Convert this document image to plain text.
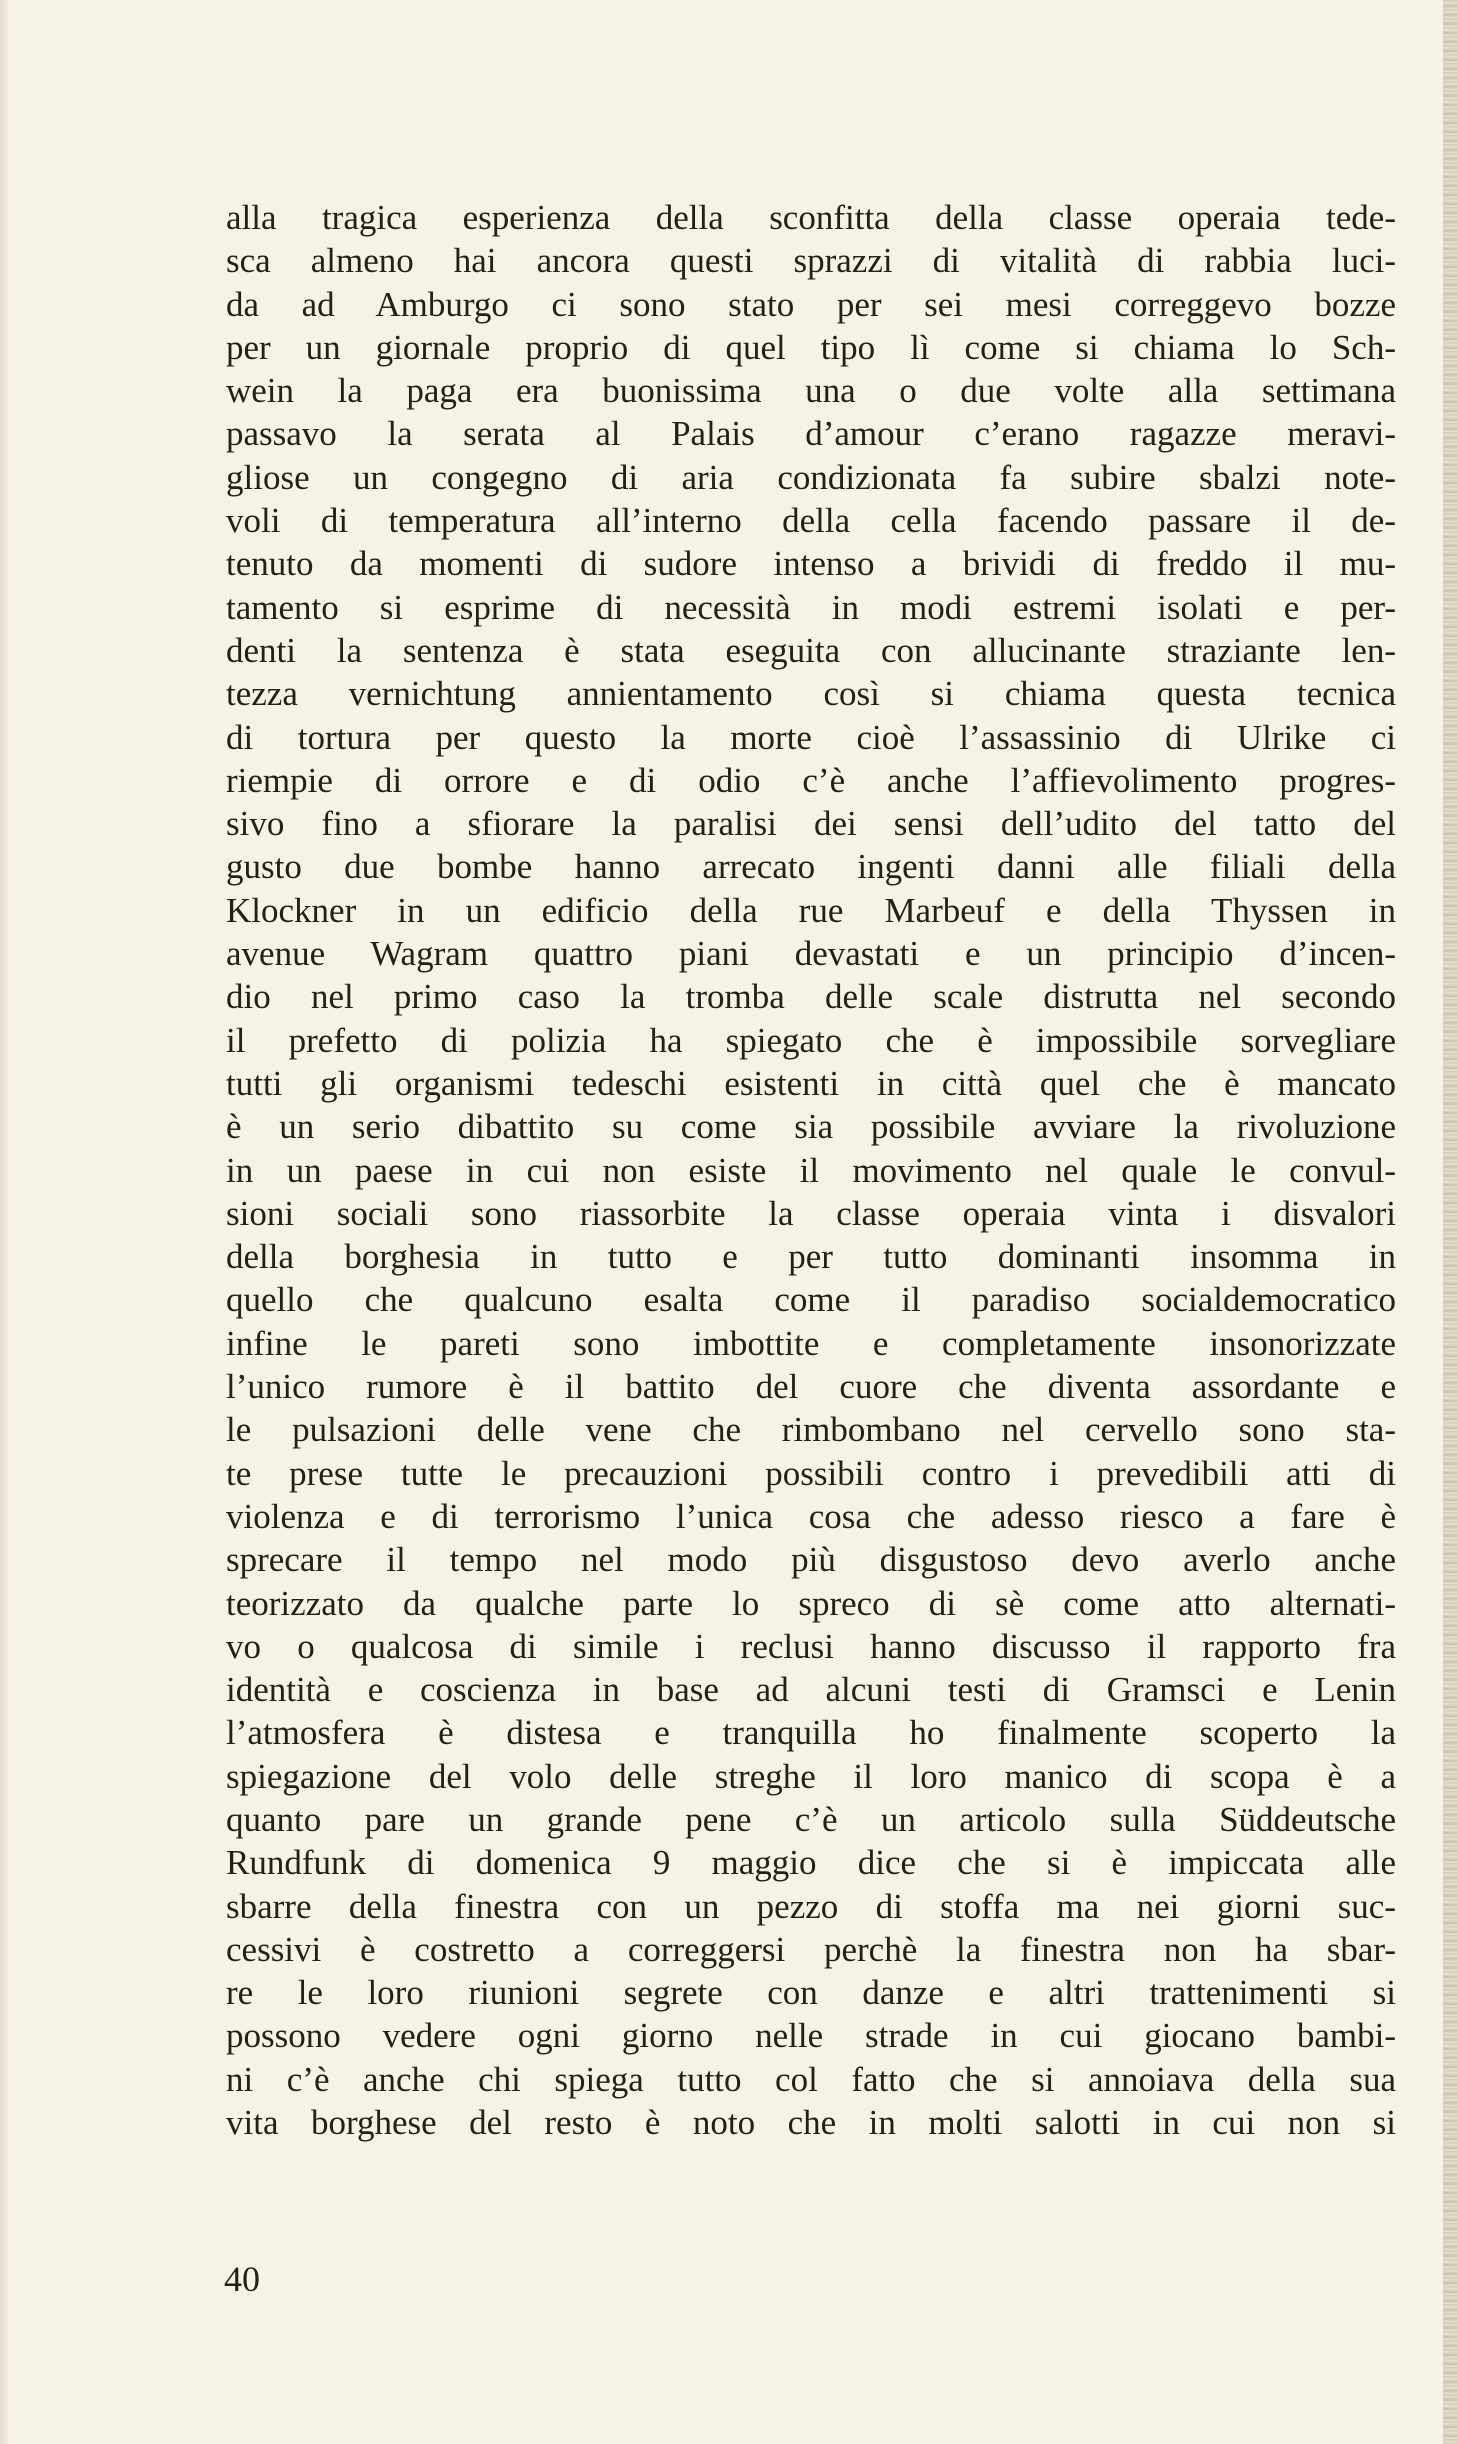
alla tragica esperienza della sconfitta della classe operaia tede-
sca almeno hai ancora questi sprazzi di vitalità di rabbia luci-
da ad Amburgo ci sono stato per sei mesi correggevo bozze
per un giornale proprio di quel tipo lì come si chiama lo Sch-
wein la paga era buonissima una o due volte alla settimana
passavo la serata al Palais d’amour c’erano ragazze meravi-
gliose un congegno di aria condizionata fa subire sbalzi note-
voli di temperatura all’interno della cella facendo passare il de-
tenuto da momenti di sudore intenso a brividi di freddo il mu-
tamento si esprime di necessità in modi estremi isolati e per-
denti la sentenza è stata eseguita con allucinante straziante len-
tezza vernichtung annientamento così si chiama questa tecnica
di tortura per questo la morte cioè l’assassinio di Ulrike ci
riempie di orrore e di odio c’è anche l’affievolimento progres-
sivo fino a sfiorare la paralisi dei sensi dell’udito del tatto del
gusto due bombe hanno arrecato ingenti danni alle filiali della
Klockner in un edificio della rue Marbeuf e della Thyssen in
avenue Wagram quattro piani devastati e un principio d’incen-
dio nel primo caso la tromba delle scale distrutta nel secondo
il prefetto di polizia ha spiegato che è impossibile sorvegliare
tutti gli organismi tedeschi esistenti in città quel che è mancato
è un serio dibattito su come sia possibile avviare la rivoluzione
in un paese in cui non esiste il movimento nel quale le convul-
sioni sociali sono riassorbite la classe operaia vinta i disvalori
della borghesia in tutto e per tutto dominanti insomma in
quello che qualcuno esalta come il paradiso socialdemocratico
infine le pareti sono imbottite e completamente insonorizzate
l’unico rumore è il battito del cuore che diventa assordante e
le pulsazioni delle vene che rimbombano nel cervello sono sta-
te prese tutte le precauzioni possibili contro i prevedibili atti di
violenza e di terrorismo l’unica cosa che adesso riesco a fare è
sprecare il tempo nel modo più disgustoso devo averlo anche
teorizzato da qualche parte lo spreco di sè come atto alternati-
vo o qualcosa di simile i reclusi hanno discusso il rapporto fra
identità e coscienza in base ad alcuni testi di Gramsci e Lenin
l’atmosfera è distesa e tranquilla ho finalmente scoperto la
spiegazione del volo delle streghe il loro manico di scopa è a
quanto pare un grande pene c’è un articolo sulla Süddeutsche
Rundfunk di domenica 9 maggio dice che si è impiccata alle
sbarre della finestra con un pezzo di stoffa ma nei giorni suc-
cessivi è costretto a correggersi perchè la finestra non ha sbar-
re le loro riunioni segrete con danze e altri trattenimenti si
possono vedere ogni giorno nelle strade in cui giocano bambi-
ni c’è anche chi spiega tutto col fatto che si annoiava della sua
vita borghese del resto è noto che in molti salotti in cui non si
40
